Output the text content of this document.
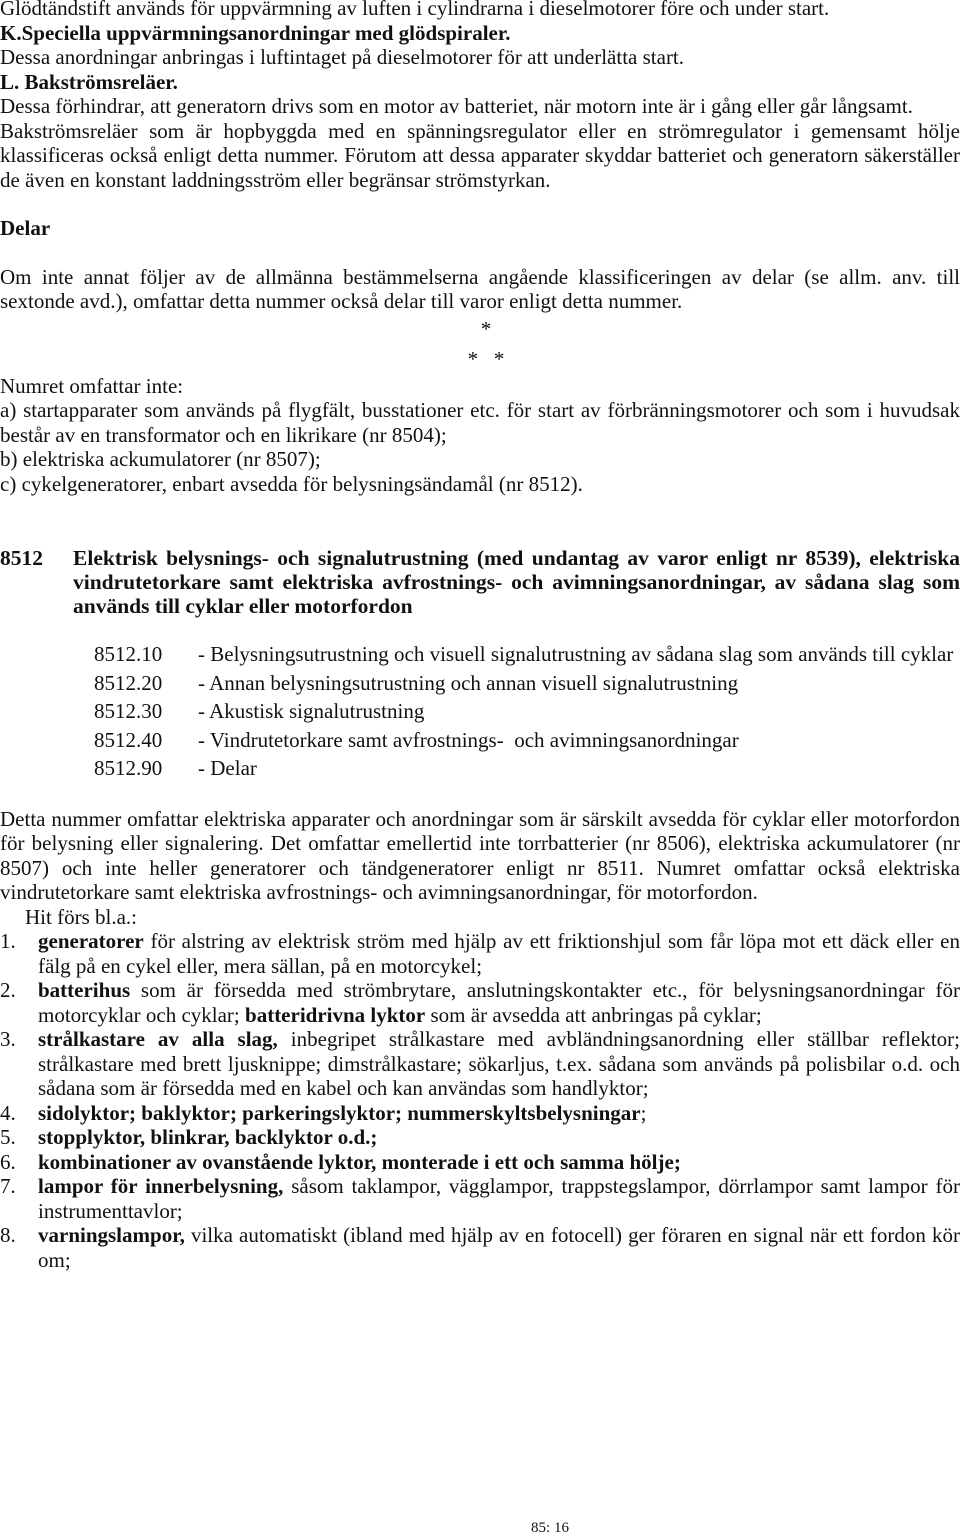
Glödtändstift används för uppvärmning av luften i cylindrarna i dieselmotorer före och under start.

K.Speciella uppvärmningsanordningar med glödspiraler.

Dessa anordningar anbringas i luftintaget på dieselmotorer för att underlätta start.

L. Bakströmsreläer.

Dessa förhindrar, att generatorn drivs som en motor av batteriet, när motorn inte är i gång eller går långsamt.

Bakströmsreläer som är hopbyggda med en spänningsregulator eller en strömregulator i gemensamt hölje klassificeras också enligt detta nummer. Förutom att dessa apparater skyddar batteriet och generatorn säkerställer de även en konstant laddningsström eller begränsar strömstyrkan.

Delar

Om inte annat följer av de allmänna bestämmelserna angående klassificeringen av delar (se allm. anv. till sextonde avd.), omfattar detta nummer också delar till varor enligt detta nummer.

*

*   *

Numret omfattar inte:

a) startapparater som används på flygfält, busstationer etc. för start av förbränningsmotorer och som i huvudsak består av en transformator och en likrikare (nr 8504);

b) elektriska ackumulatorer (nr 8507);

c) cykelgeneratorer, enbart avsedda för belysningsändamål (nr 8512).

8512	Elektrisk belysnings- och signalutrustning (med undantag av varor enligt nr 8539), elektriska vindrutetorkare samt elektriska avfrostnings- och avimningsanordningar, av sådana slag som används till cyklar eller motorfordon
8512.10	- Belysningsutrustning och visuell signalutrustning av sådana slag som används till cyklar
8512.20	- Annan belysningsutrustning och annan visuell signalutrustning
8512.30	- Akustisk signalutrustning
8512.40	- Vindrutetorkare samt avfrostnings-  och avimningsanordningar
8512.90	- Delar

Detta nummer omfattar elektriska apparater och anordningar som är särskilt avsedda för cyklar eller motorfordon för belysning eller signalering. Det omfattar emellertid inte torrbatterier (nr 8506), elektriska ackumulatorer (nr 8507) och inte heller generatorer och tändgeneratorer enligt nr 8511. Numret omfattar också elektriska vindrutetorkare samt elektriska avfrostnings- och avimningsanordningar, för motorfordon.

Hit förs bl.a.:

1.	generatorer för alstring av elektrisk ström med hjälp av ett friktionshjul som får löpa mot ett däck eller en fälg på en cykel eller, mera sällan, på en motorcykel;
2.	batterihus som är försedda med strömbrytare, anslutningskontakter etc., för belysningsanordningar för motorcyklar och cyklar; batteridrivna lyktor som är avsedda att anbringas på cyklar;
3.	strålkastare av alla slag, inbegripet strålkastare med avbländningsanordning eller ställbar reflektor; strålkastare med brett ljusknippe; dimstrålkastare; sökarljus, t.ex. sådana som används på polisbilar o.d. och sådana som är försedda med en kabel och kan användas som handlyktor;
4.	sidolyktor; baklyktor; parkeringslyktor; nummerskyltsbelysningar;
5.	stopplyktor, blinkrar, backlyktor o.d.;
6.	kombinationer av ovanstående lyktor, monterade i ett och samma hölje;
7.	lampor för innerbelysning, såsom taklampor, vägglampor, trappstegslampor, dörrlampor samt lampor för instrumenttavlor;
8.	varningslampor, vilka automatiskt (ibland med hjälp av en fotocell) ger föraren en signal när ett fordon kör om;
85: 16
